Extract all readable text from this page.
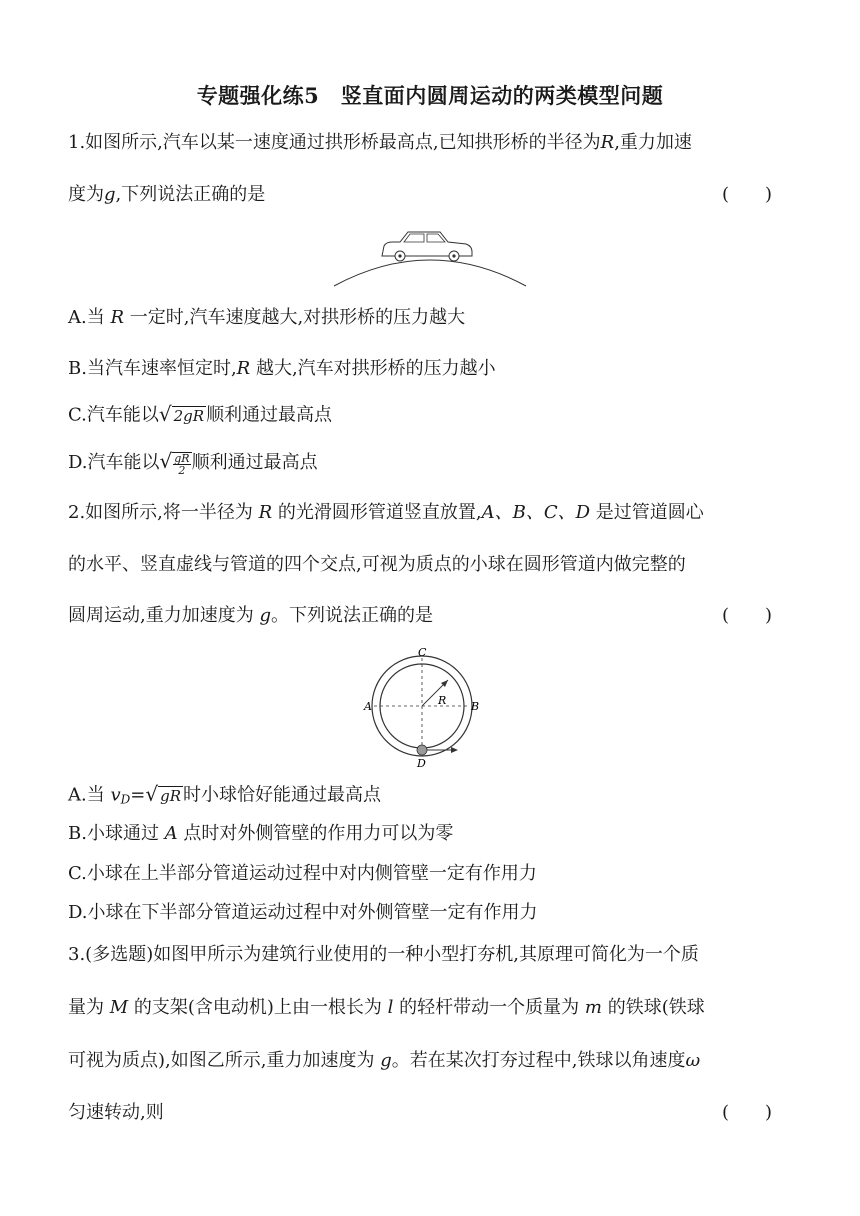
专题强化练5　竖直面内圆周运动的两类模型问题
1.如图所示,汽车以某一速度通过拱形桥最高点,已知拱形桥的半径为R,重力加速
度为g,下列说法正确的是	(　　)
A.当 R 一定时,汽车速度越大,对拱形桥的压力越大
B.当汽车速率恒定时,R 越大,汽车对拱形桥的压力越小
C.汽车能以√ 2gR 顺利通过最高点
D.汽车能以√ $\frac{gR}{2}$ 顺利通过最高点
2.如图所示,将一半径为 R 的光滑圆形管道竖直放置,A、B、C、D 是过管道圆心
的水平、竖直虚线与管道的四个交点,可视为质点的小球在圆形管道内做完整的
圆周运动,重力加速度为 g。下列说法正确的是	(　　)
C
A	B
D
R
A.当 $v_D=√$ gR 时小球恰好能通过最高点
B.小球通过 A 点时对外侧管壁的作用力可以为零
C.小球在上半部分管道运动过程中对内侧管壁一定有作用力
D.小球在下半部分管道运动过程中对外侧管壁一定有作用力
3.(多选题)如图甲所示为建筑行业使用的一种小型打夯机,其原理可简化为一个质
量为 M 的支架(含电动机)上由一根长为 l 的轻杆带动一个质量为 m 的铁球(铁球
可视为质点),如图乙所示,重力加速度为 g。若在某次打夯过程中,铁球以角速度ω
匀速转动,则	(　　)
